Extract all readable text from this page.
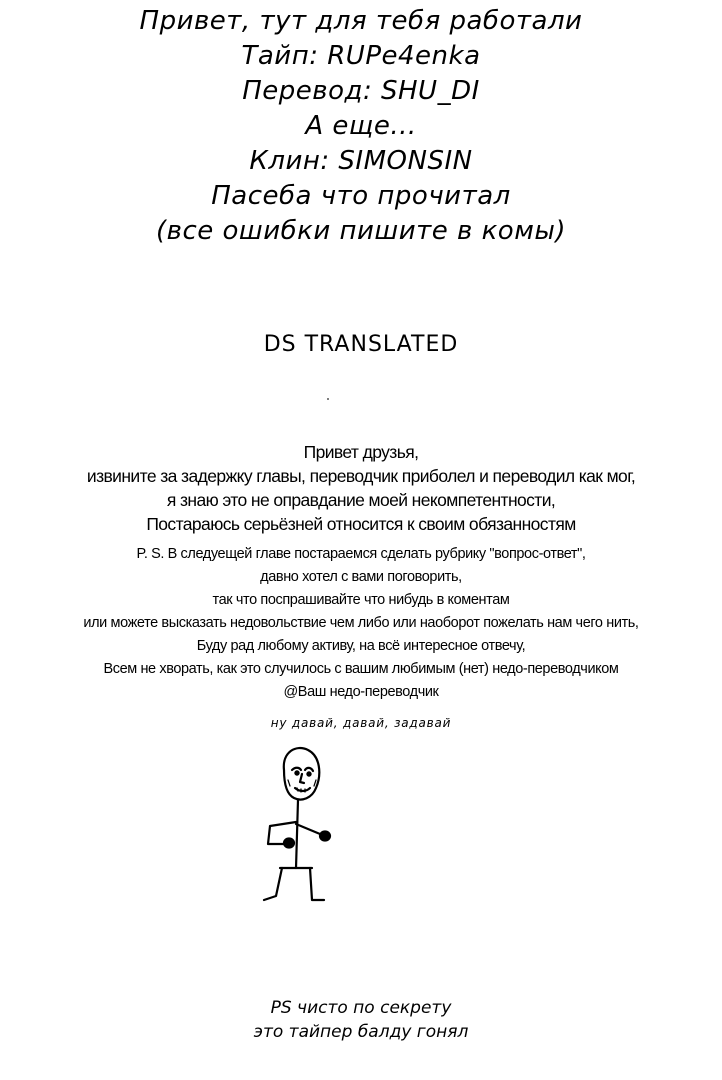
Привет, тут для тебя работали
Тайп: RUPe4enka
Перевод: SHU_DI
А еще...
Клин: SIMONSIN
Пасеба что прочитал
(все ошибки пишите в комы)
DS TRANSLATED
Привет друзья,
извините за задержку главы, переводчик приболел и переводил как мог,
я знаю это не оправдание моей некомпетентности,
Постараюсь серьёзней относится к своим обязанностям
P. S. В следуещей главе постараемся сделать рубрику "вопрос-ответ",
давно хотел с вами поговорить,
так что поспрашивайте что нибудь в коментам
или можете высказать недовольствие чем либо или наоборот пожелать нам чего нить,
Буду рад любому активу, на всё интересное отвечу,
Всем не хворать, как это случилось с вашим любимым (нет) недо-переводчиком
@Ваш недо-переводчик
ну давай, давай, задавай
PS чисто по секрету
это тайпер балду гонял
